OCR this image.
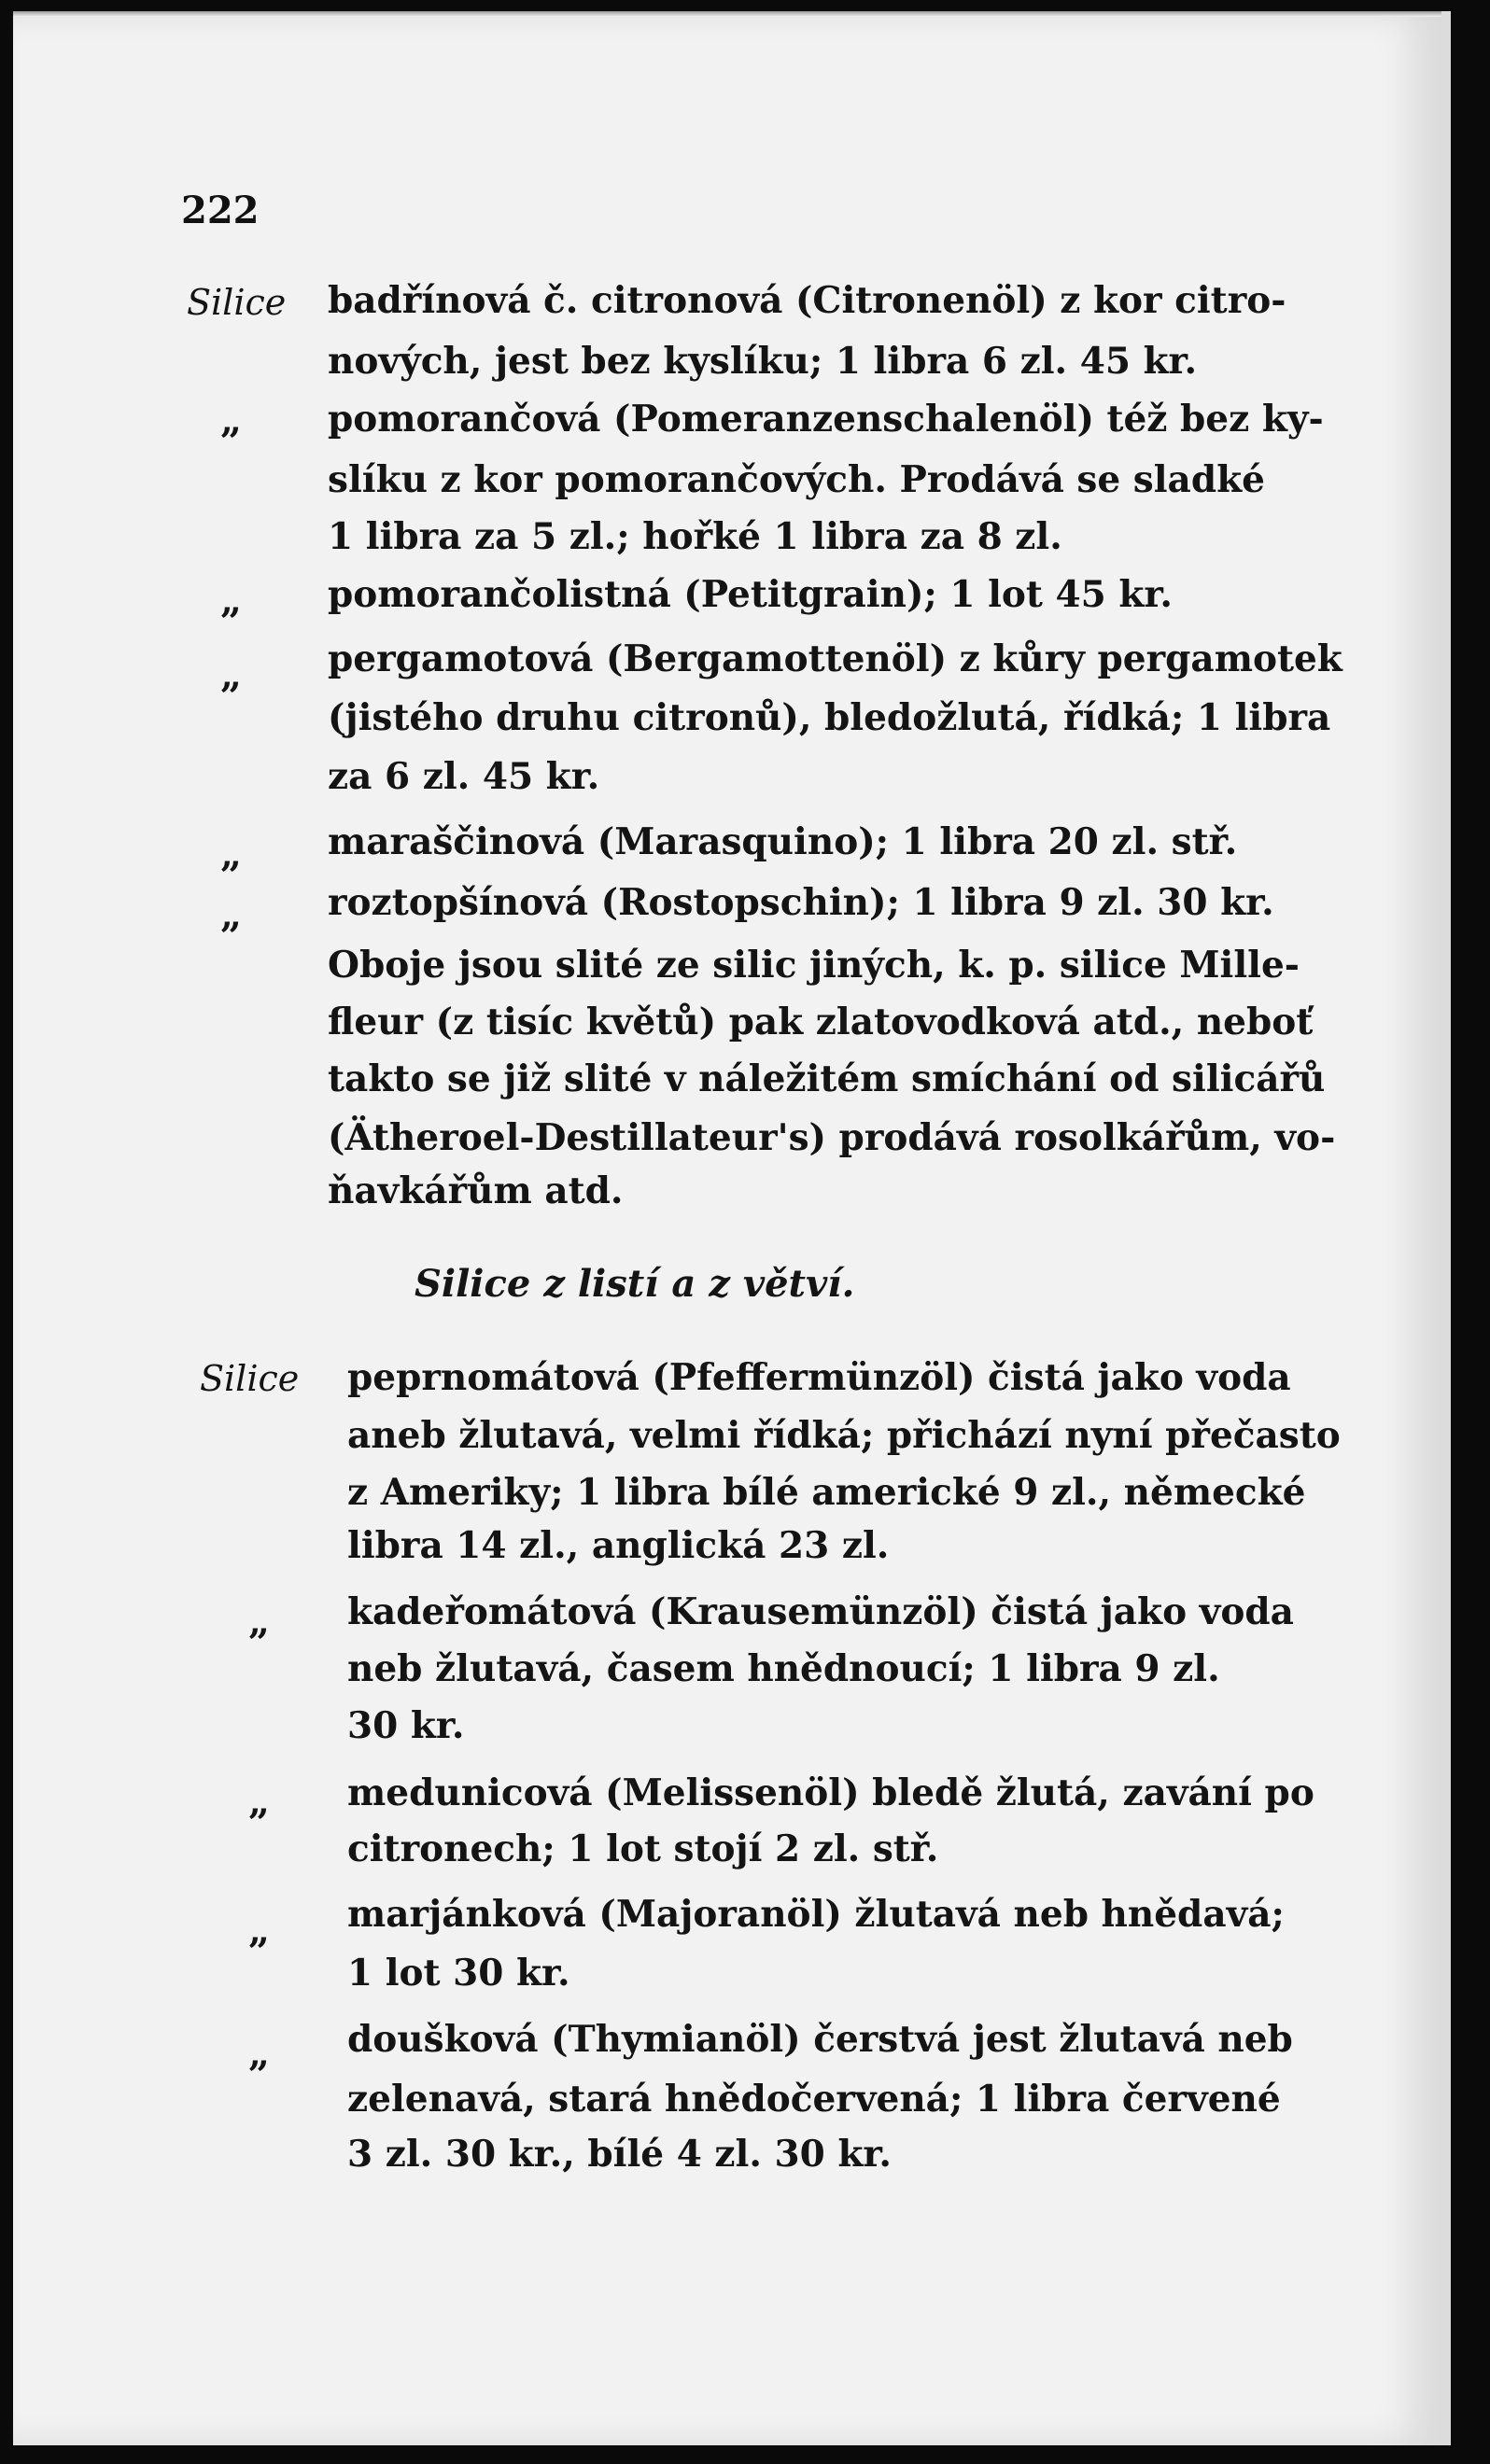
222
Silice badřínová č. citronová (Citronenöl) z kor citro-
nových, jest bez kyslíku; 1 libra 6 zl. 45 kr.
„ pomorančová (Pomeranzenschalenöl) též bez ky-
slíku z kor pomorančových. Prodává se sladké
1 libra za 5 zl.; hořké 1 libra za 8 zl.
„ pomorančolistná (Petitgrain); 1 lot 45 kr.
„ pergamotová (Bergamottenöl) z kůry pergamotek
(jistého druhu citronů), bledožlutá, řídká; 1 libra
za 6 zl. 45 kr.
„ maraščinová (Marasquino); 1 libra 20 zl. stř.
„ roztopšínová (Rostopschin); 1 libra 9 zl. 30 kr.
Oboje jsou slité ze silic jiných, k. p. silice Mille-
fleur (z tisíc květů) pak zlatovodková atd., neboť
takto se již slité v náležitém smíchání od silicářů
(Ätheroel-Destillateur's) prodává rosolkářům, vo-
ňavkářům atd.
Silice z listí a z větví.
Silice peprnomátová (Pfeffermünzöl) čistá jako voda
aneb žlutavá, velmi řídká; přichází nyní přečasto
z Ameriky; 1 libra bílé americké 9 zl., německé
libra 14 zl., anglická 23 zl.
„ kadeřomátová (Krausemünzöl) čistá jako voda
neb žlutavá, časem hnědnoucí; 1 libra 9 zl.
30 kr.
„ medunicová (Melissenöl) bledě žlutá, zavání po
citronech; 1 lot stojí 2 zl. stř.
„ marjánková (Majoranöl) žlutavá neb hnědavá;
1 lot 30 kr.
„ doušková (Thymianöl) čerstvá jest žlutavá neb
zelenavá, stará hnědočervená; 1 libra červené
3 zl. 30 kr., bílé 4 zl. 30 kr.
